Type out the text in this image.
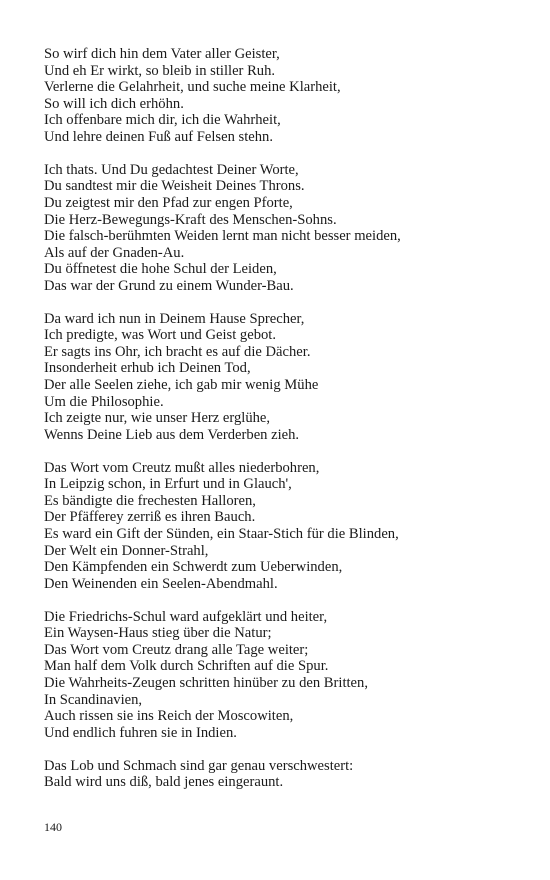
So wirf dich hin dem Vater aller Geister,
Und eh Er wirkt, so bleib in stiller Ruh.
Verlerne die Gelahrheit, und suche meine Klarheit,
So will ich dich erhöhn.
Ich offenbare mich dir, ich die Wahrheit,
Und lehre deinen Fuß auf Felsen stehn.
Ich thats. Und Du gedachtest Deiner Worte,
Du sandtest mir die Weisheit Deines Throns.
Du zeigtest mir den Pfad zur engen Pforte,
Die Herz-Bewegungs-Kraft des Menschen-Sohns.
Die falsch-berühmten Weiden lernt man nicht besser meiden,
Als auf der Gnaden-Au.
Du öffnetest die hohe Schul der Leiden,
Das war der Grund zu einem Wunder-Bau.
Da ward ich nun in Deinem Hause Sprecher,
Ich predigte, was Wort und Geist gebot.
Er sagts ins Ohr, ich bracht es auf die Dächer.
Insonderheit erhub ich Deinen Tod,
Der alle Seelen ziehe, ich gab mir wenig Mühe
Um die Philosophie.
Ich zeigte nur, wie unser Herz erglühe,
Wenns Deine Lieb aus dem Verderben zieh.
Das Wort vom Creutz mußt alles niederbohren,
In Leipzig schon, in Erfurt und in Glauch',
Es bändigte die frechesten Halloren,
Der Pfäfferey zerriß es ihren Bauch.
Es ward ein Gift der Sünden, ein Staar-Stich für die Blinden,
Der Welt ein Donner-Strahl,
Den Kämpfenden ein Schwerdt zum Ueberwinden,
Den Weinenden ein Seelen-Abendmahl.
Die Friedrichs-Schul ward aufgeklärt und heiter,
Ein Waysen-Haus stieg über die Natur;
Das Wort vom Creutz drang alle Tage weiter;
Man half dem Volk durch Schriften auf die Spur.
Die Wahrheits-Zeugen schritten hinüber zu den Britten,
In Scandinavien,
Auch rissen sie ins Reich der Moscowiten,
Und endlich fuhren sie in Indien.
Das Lob und Schmach sind gar genau verschwestert:
Bald wird uns diß, bald jenes eingeraunt.
140
